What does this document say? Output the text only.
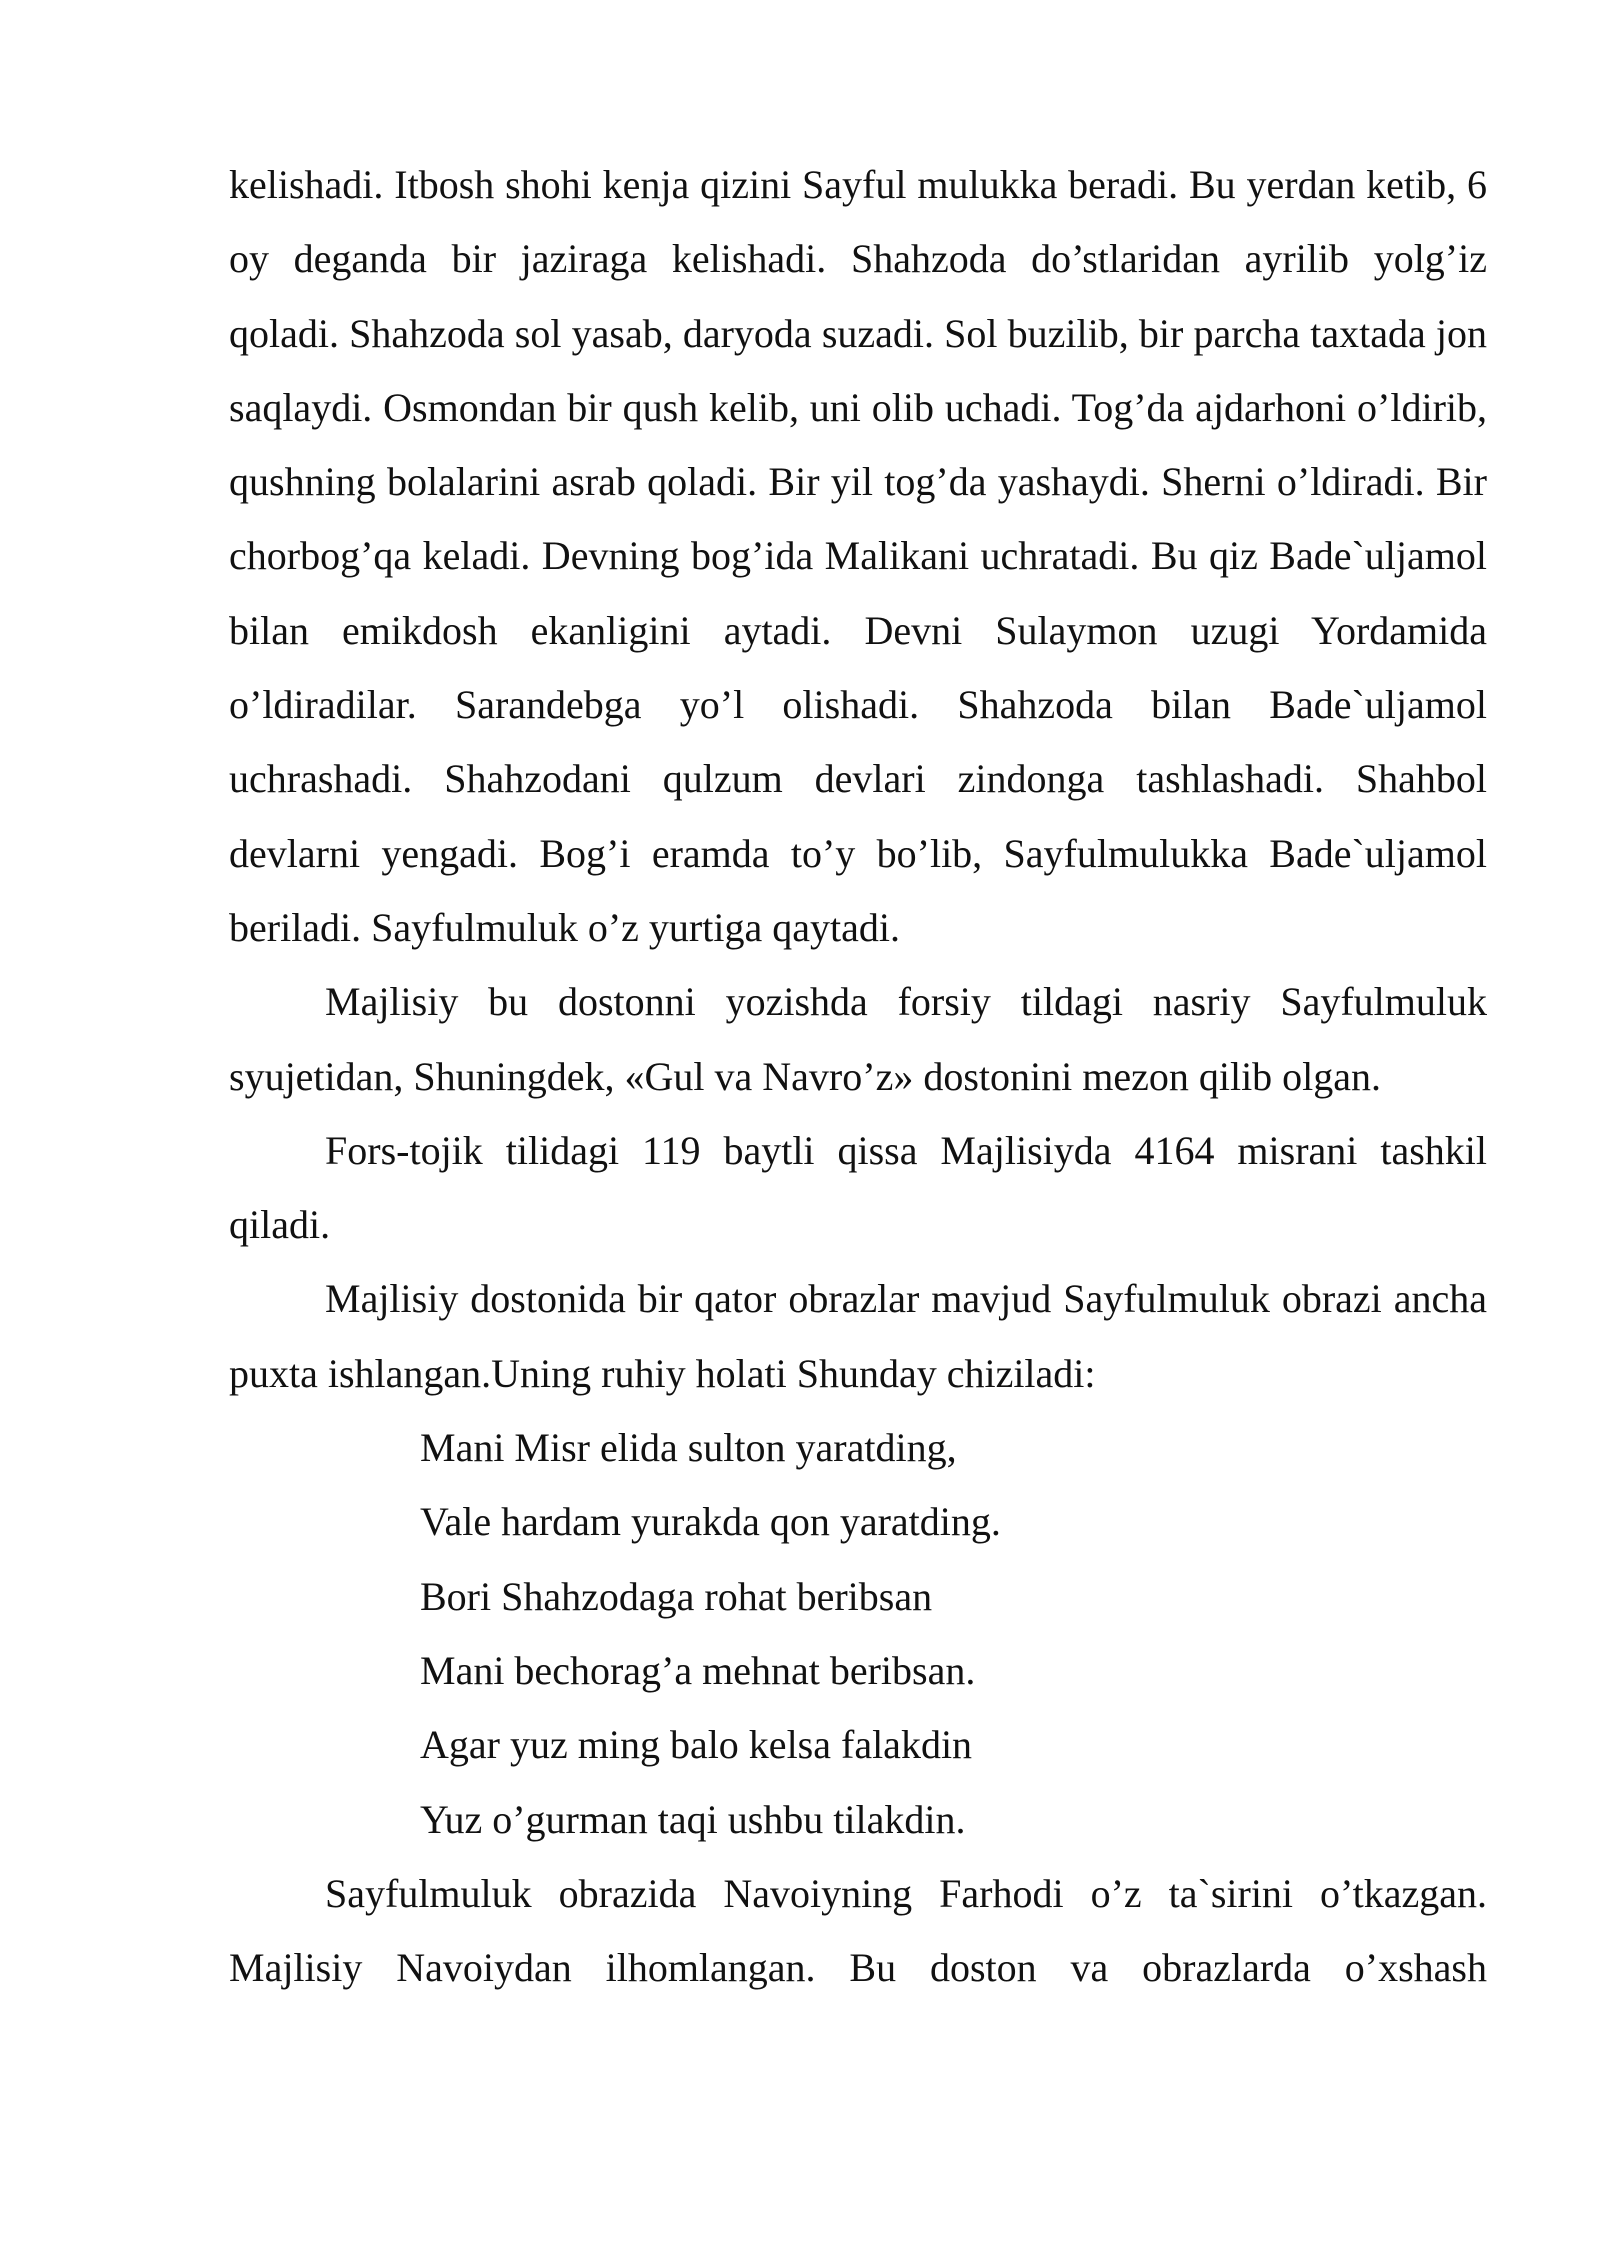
kelishadi. Itbosh shohi kenja qizini Sayful mulukka beradi. Bu yerdan ketib, 6 oy deganda bir jaziraga kelishadi. Shahzoda do’stlaridan ayrilib yolg’iz qoladi. Shahzoda sol yasab, daryoda suzadi. Sol buzilib, bir parcha taxtada jon saqlaydi. Osmondan bir qush kelib, uni olib uchadi. Tog’da ajdarhoni o’ldirib, qushning bolalarini asrab qoladi. Bir yil tog’da yashaydi. Sherni o’ldiradi. Bir chorbog’qa keladi. Devning bog’ida Malikani uchratadi. Bu qiz Bade`uljamol bilan emikdosh ekanligini aytadi. Devni Sulaymon uzugi Yordamida o’ldiradilar. Sarandebga yo’l olishadi. Shahzoda bilan Bade`uljamol uchrashadi. Shahzodani qulzum devlari zindonga tashlashadi. Shahbol devlarni yengadi. Bog’i eramda to’y bo’lib, Sayfulmulukka Bade`uljamol beriladi. Sayfulmuluk o’z yurtiga qaytadi.

Majlisiy bu dostonni yozishda forsiy tildagi nasriy Sayfulmuluk syujetidan, Shuningdek, «Gul va Navro’z» dostonini mezon qilib olgan.

Fors-tojik tilidagi 119 baytli qissa Majlisiyda 4164 misrani tashkil qiladi.

Majlisiy dostonida bir qator obrazlar mavjud Sayfulmuluk obrazi ancha puxta ishlangan.Uning ruhiy holati Shunday chiziladi:

Mani Misr elida sulton yaratding,
Vale hardam yurakda qon yaratding.
Bori Shahzodaga rohat beribsan
Mani bechorag’a mehnat beribsan.
Agar yuz ming balo kelsa falakdin
Yuz o’gurman taqi ushbu tilakdin.

Sayfulmuluk obrazida Navoiyning Farhodi o’z ta`sirini o’tkazgan. Majlisiy Navoiydan ilhomlangan. Bu doston va obrazlarda o’xshash
